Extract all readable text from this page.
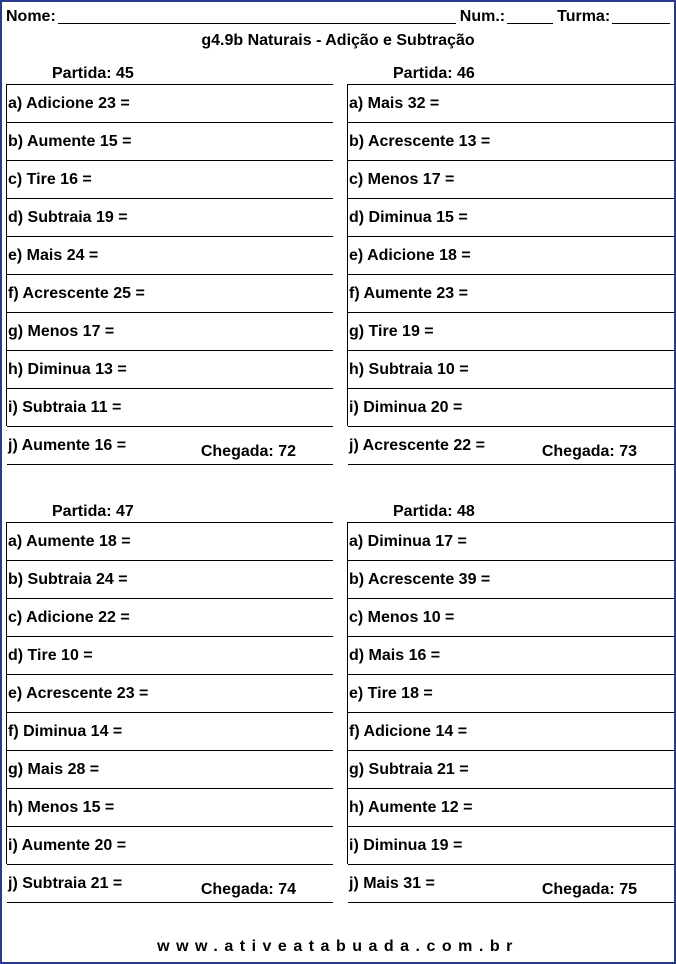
Nome:	Num.:	Turma:
g4.9b Naturais - Adição e Subtração
Partida: 45
a) Adicione 23 =
b) Aumente 15 =
c) Tire 16 =
d) Subtraia 19 =
e) Mais 24 =
f) Acrescente 25 =
g) Menos 17 =
h) Diminua 13 =
i) Subtraia 11 =
j) Aumente 16 =	Chegada: 72
Partida: 46
a) Mais 32 =
b) Acrescente 13 =
c) Menos 17 =
d) Diminua 15 =
e) Adicione 18 =
f) Aumente 23 =
g) Tire 19 =
h) Subtraia 10 =
i) Diminua 20 =
j) Acrescente 22 =	Chegada: 73
Partida: 47
a) Aumente 18 =
b) Subtraia 24 =
c) Adicione 22 =
d) Tire 10 =
e) Acrescente 23 =
f) Diminua 14 =
g) Mais 28 =
h) Menos 15 =
i) Aumente 20 =
j) Subtraia 21 =	Chegada: 74
Partida: 48
a) Diminua 17 =
b) Acrescente 39 =
c) Menos 10 =
d) Mais 16 =
e) Tire 18 =
f) Adicione 14 =
g) Subtraia 21 =
h) Aumente 12 =
i) Diminua 19 =
j) Mais 31 =	Chegada: 75
www.ativeatabuada.com.br
